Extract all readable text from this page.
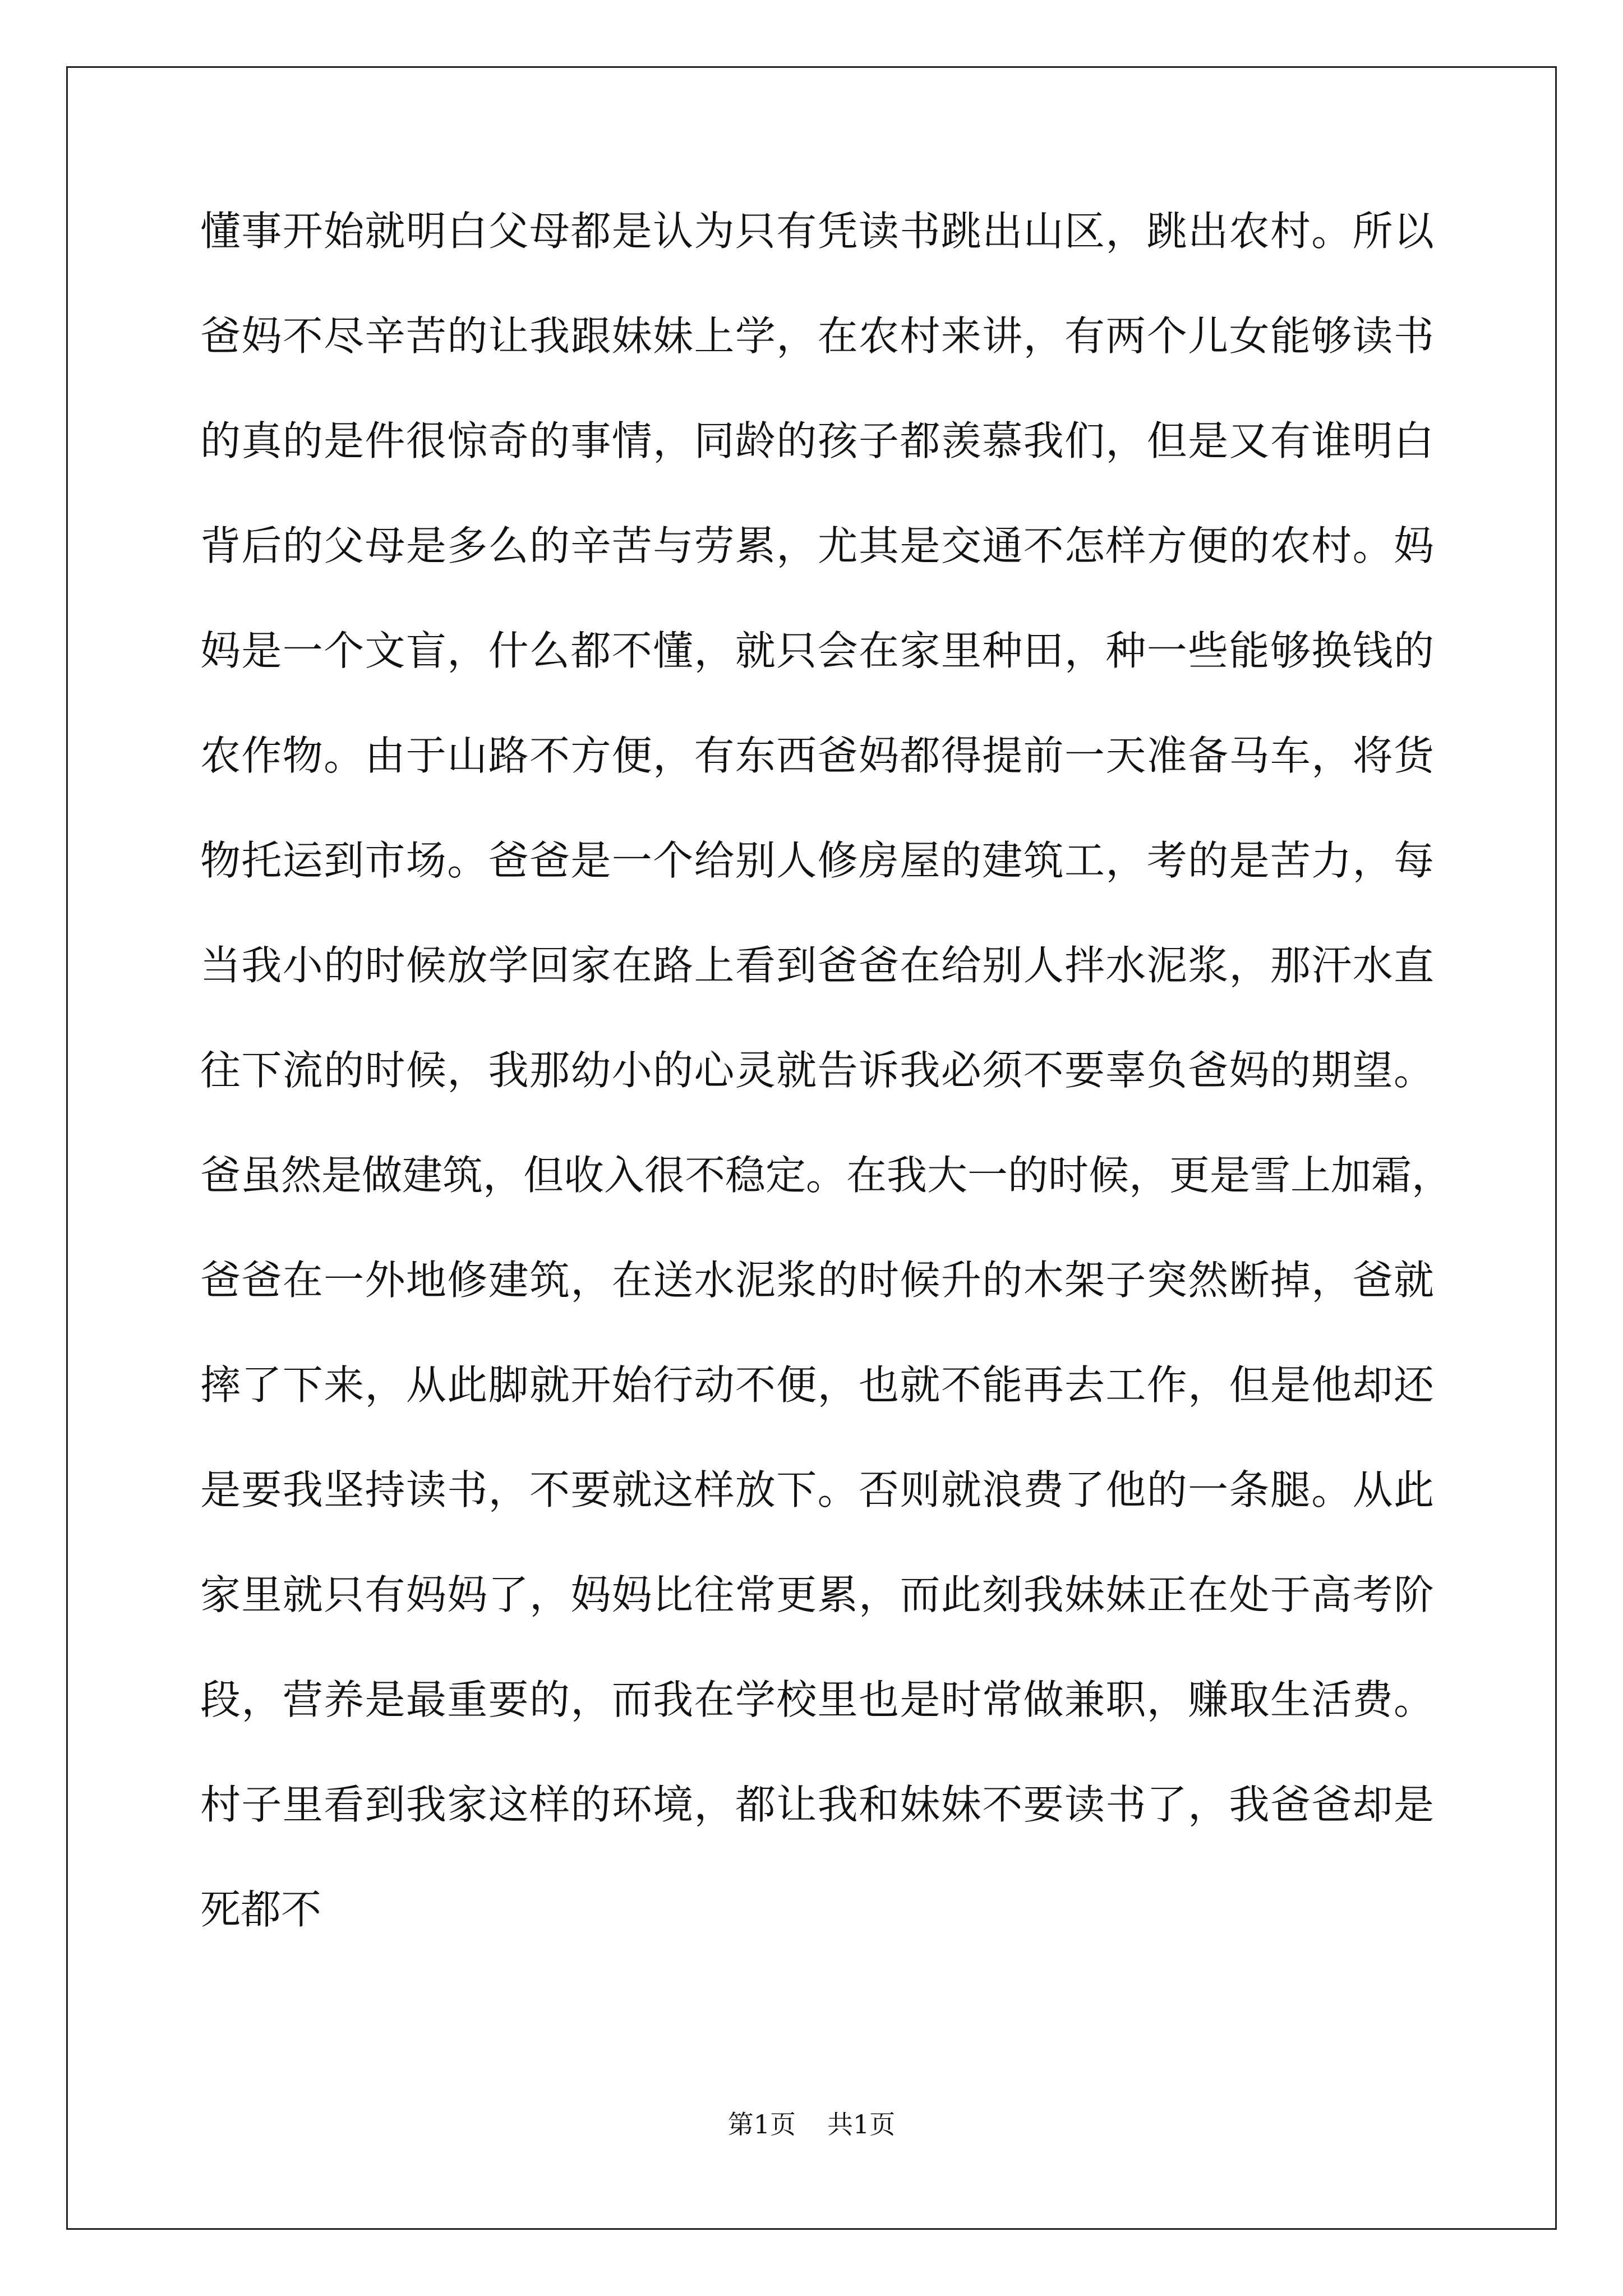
懂事开始就明白父母都是认为只有凭读书跳出山区，跳出农村。所以
爸妈不尽辛苦的让我跟妹妹上学，在农村来讲，有两个儿女能够读书
的真的是件很惊奇的事情，同龄的孩子都羡慕我们，但是又有谁明白
背后的父母是多么的辛苦与劳累，尤其是交通不怎样方便的农村。妈
妈是一个文盲，什么都不懂，就只会在家里种田，种一些能够换钱的
农作物。由于山路不方便，有东西爸妈都得提前一天准备马车，将货
物托运到市场。爸爸是一个给别人修房屋的建筑工，考的是苦力，每
当我小的时候放学回家在路上看到爸爸在给别人拌水泥浆，那汗水直
往下流的时候，我那幼小的心灵就告诉我必须不要辜负爸妈的期望。
爸虽然是做建筑，但收入很不稳定。在我大一的时候，更是雪上加霜，
爸爸在一外地修建筑，在送水泥浆的时候升的木架子突然断掉，爸就
摔了下来，从此脚就开始行动不便，也就不能再去工作，但是他却还
是要我坚持读书，不要就这样放下。否则就浪费了他的一条腿。从此
家里就只有妈妈了，妈妈比往常更累，而此刻我妹妹正在处于高考阶
段，营养是最重要的，而我在学校里也是时常做兼职，赚取生活费。
村子里看到我家这样的环境，都让我和妹妹不要读书了，我爸爸却是
死都不
第1页 共1页
